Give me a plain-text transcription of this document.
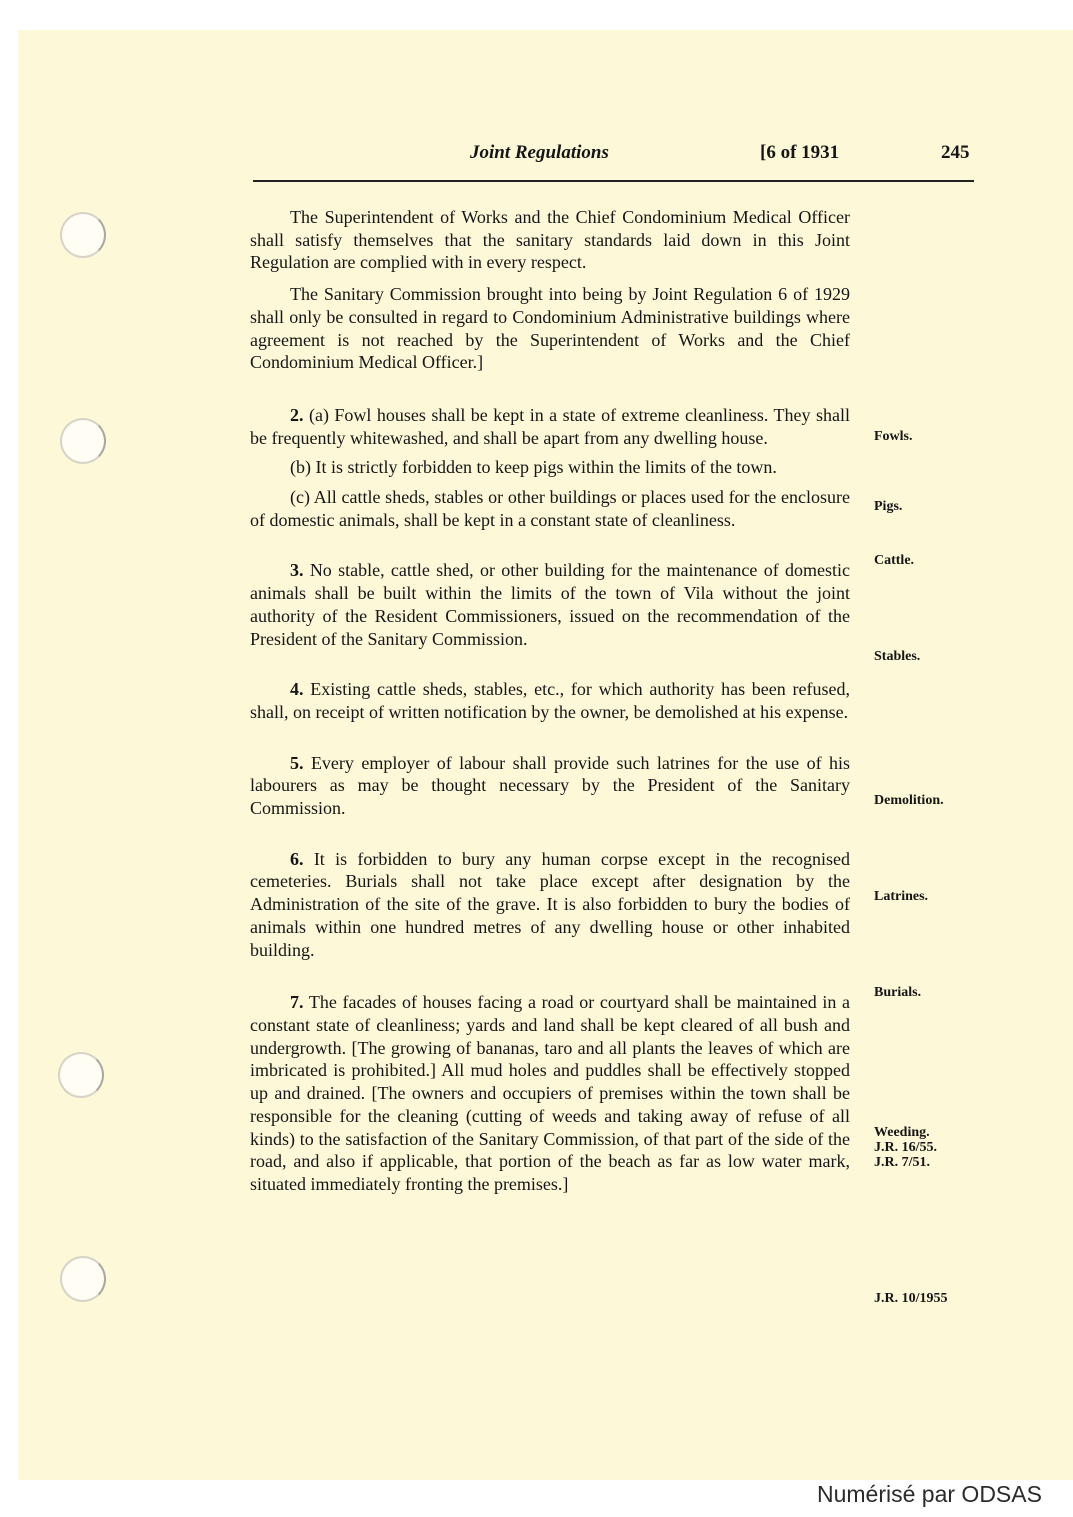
Joint Regulations	[6 of 1931	245

The Superintendent of Works and the Chief Condominium Medical Officer shall satisfy themselves that the sanitary standards laid down in this Joint Regulation are complied with in every respect.

The Sanitary Commission brought into being by Joint Regulation 6 of 1929 shall only be consulted in regard to Condominium Administrative buildings where agreement is not reached by the Superintendent of Works and the Chief Condominium Medical Officer.]

2. (a) Fowl houses shall be kept in a state of extreme cleanliness. They shall be frequently whitewashed, and shall be apart from any dwelling house.

(b) It is strictly forbidden to keep pigs within the limits of the town.

(c) All cattle sheds, stables or other buildings or places used for the enclosure of domestic animals, shall be kept in a constant state of cleanliness.

3. No stable, cattle shed, or other building for the maintenance of domestic animals shall be built within the limits of the town of Vila without the joint authority of the Resident Commissioners, issued on the recommendation of the President of the Sanitary Commission.

4. Existing cattle sheds, stables, etc., for which authority has been refused, shall, on receipt of written notification by the owner, be demolished at his expense.

5. Every employer of labour shall provide such latrines for the use of his labourers as may be thought necessary by the President of the Sanitary Commission.

6. It is forbidden to bury any human corpse except in the recognised cemeteries. Burials shall not take place except after designation by the Administration of the site of the grave. It is also forbidden to bury the bodies of animals within one hundred metres of any dwelling house or other inhabited building.

7. The facades of houses facing a road or courtyard shall be maintained in a constant state of cleanliness; yards and land shall be kept cleared of all bush and undergrowth. [The growing of bananas, taro and all plants the leaves of which are imbricated is prohibited.] All mud holes and puddles shall be effectively stopped up and drained. [The owners and occupiers of premises within the town shall be responsible for the cleaning (cutting of weeds and taking away of refuse of all kinds) to the satisfaction of the Sanitary Commission, of that part of the side of the road, and also if applicable, that portion of the beach as far as low water mark, situated immediately fronting the premises.]

Fowls.
Pigs.
Cattle.
Stables.
Demolition.
Latrines.
Burials.
Weeding.
J.R. 16/55.
J.R. 7/51.
J.R. 10/1955
Numérisé par ODSAS
